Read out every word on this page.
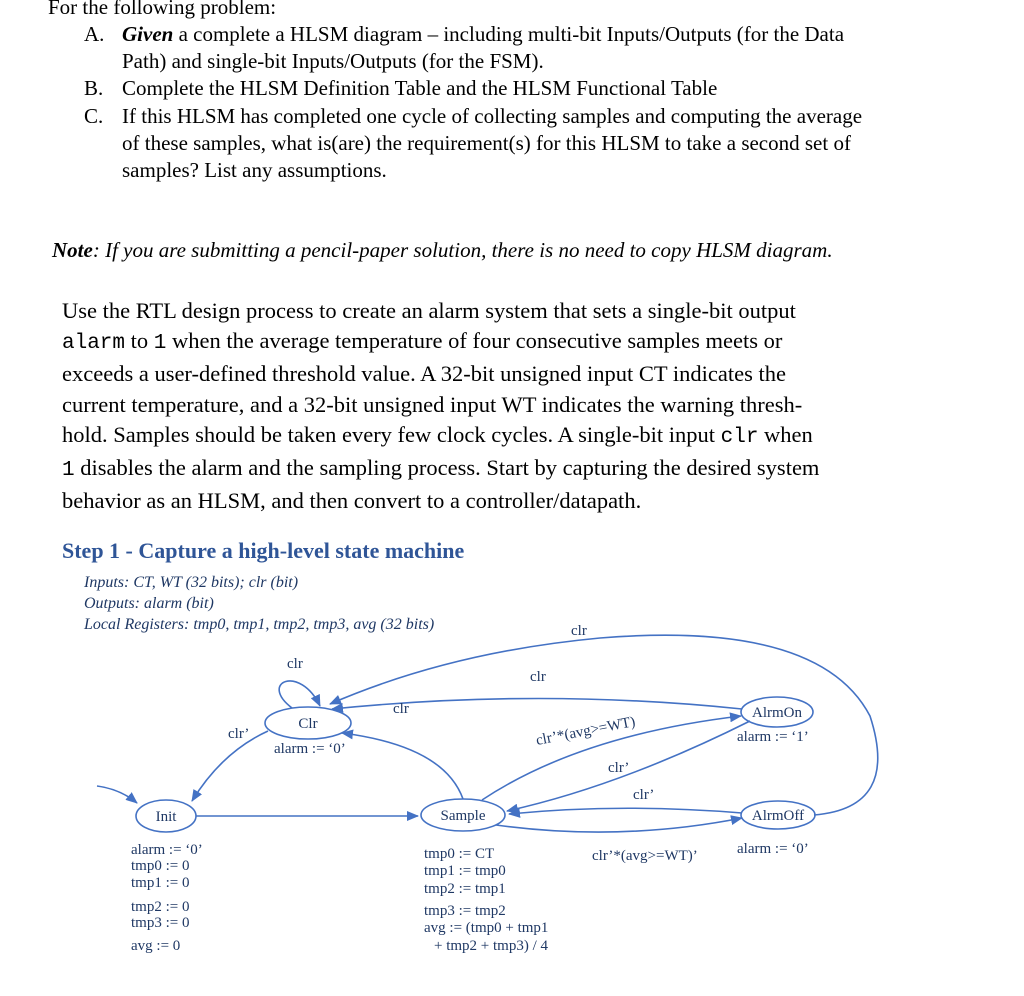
For the following problem:
A. Given a complete a HLSM diagram – including multi-bit Inputs/Outputs (for the Data
Path) and single-bit Inputs/Outputs (for the FSM).
B. Complete the HLSM Definition Table and the HLSM Functional Table
C. If this HLSM has completed one cycle of collecting samples and computing the average
of these samples, what is(are) the requirement(s) for this HLSM to take a second set of
samples? List any assumptions.
Note: If you are submitting a pencil-paper solution, there is no need to copy HLSM diagram.
Use the RTL design process to create an alarm system that sets a single-bit output
alarm to 1 when the average temperature of four consecutive samples meets or
exceeds a user-defined threshold value. A 32-bit unsigned input CT indicates the
current temperature, and a 32-bit unsigned input WT indicates the warning thresh-
hold. Samples should be taken every few clock cycles. A single-bit input clr when
1 disables the alarm and the sampling process. Start by capturing the desired system
behavior as an HLSM, and then convert to a controller/datapath.
Step 1 - Capture a high-level state machine
Inputs: CT, WT (32 bits); clr (bit)
Outputs: alarm (bit)
Local Registers: tmp0, tmp1, tmp2, tmp3, avg (32 bits)
Clr
Init	Sample
AlrmOn
AlrmOff
clr
clr’
clr
clr
clr
clr’*(avg>=WT)
clr’
clr’
clr’*(avg>=WT)’
alarm := ‘0’
alarm := ‘1’
alarm := ‘0’
alarm := ‘0’
tmp0 := 0
tmp1 := 0
tmp2 := 0
tmp3 := 0
avg := 0
tmp0 := CT
tmp1 := tmp0
tmp2 := tmp1
tmp3 := tmp2
avg := (tmp0 + tmp1
+ tmp2 + tmp3) / 4
